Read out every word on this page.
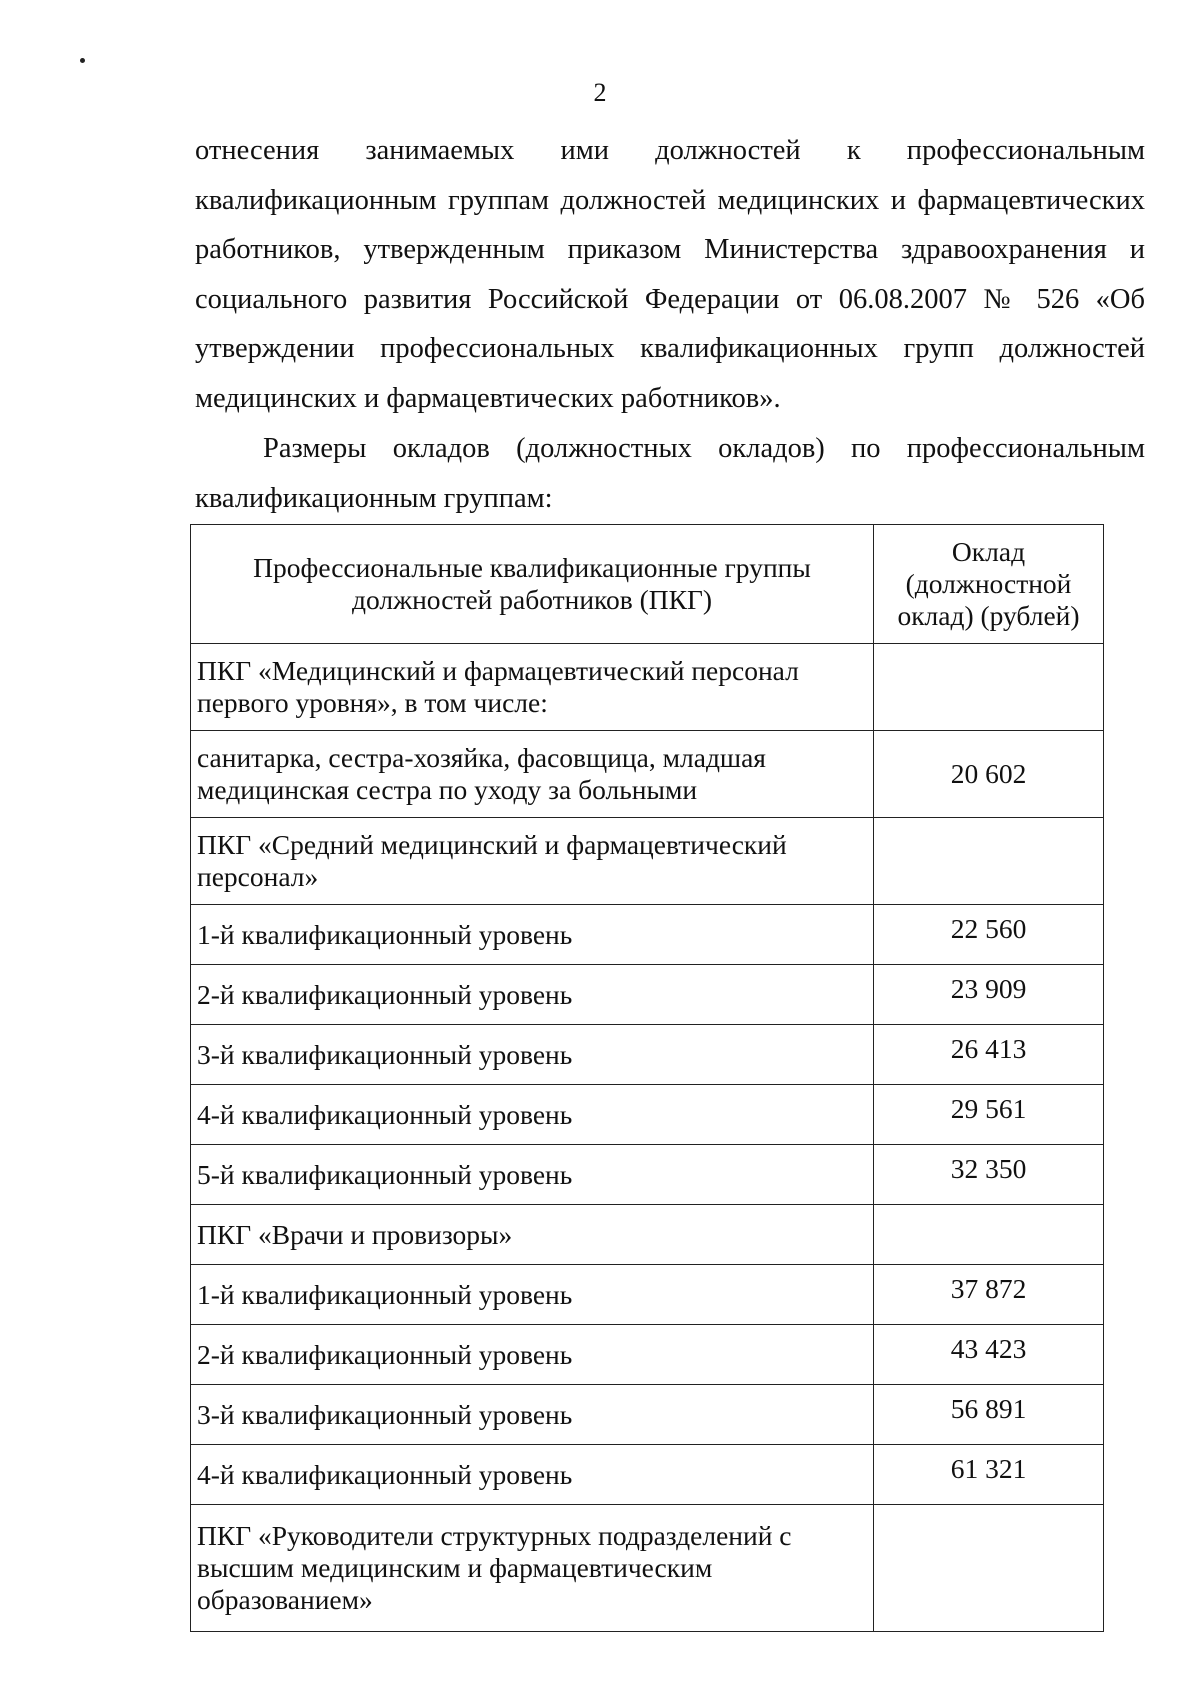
2

отнесения занимаемых ими должностей к профессиональным квалификационным группам должностей медицинских и фармацевтических работников, утвержденным приказом Министерства здравоохранения и социального развития Российской Федерации от 06.08.2007 № 526 «Об утверждении профессиональных квалификационных групп должностей медицинских и фармацевтических работников».

Размеры окладов (должностных окладов) по профессиональным квалификационным группам:

Профессиональные квалификационные группы должностей работников (ПКГ)	Оклад (должностной оклад) (рублей)
ПКГ «Медицинский и фармацевтический персонал первого уровня», в том числе:	
санитарка, сестра-хозяйка, фасовщица, младшая медицинская сестра по уходу за больными	20 602
ПКГ «Средний медицинский и фармацевтический персонал»	
1-й квалификационный уровень	22 560
2-й квалификационный уровень	23 909
3-й квалификационный уровень	26 413
4-й квалификационный уровень	29 561
5-й квалификационный уровень	32 350
ПКГ «Врачи и провизоры»	
1-й квалификационный уровень	37 872
2-й квалификационный уровень	43 423
3-й квалификационный уровень	56 891
4-й квалификационный уровень	61 321
ПКГ «Руководители структурных подразделений с высшим медицинским и фармацевтическим образованием»	
